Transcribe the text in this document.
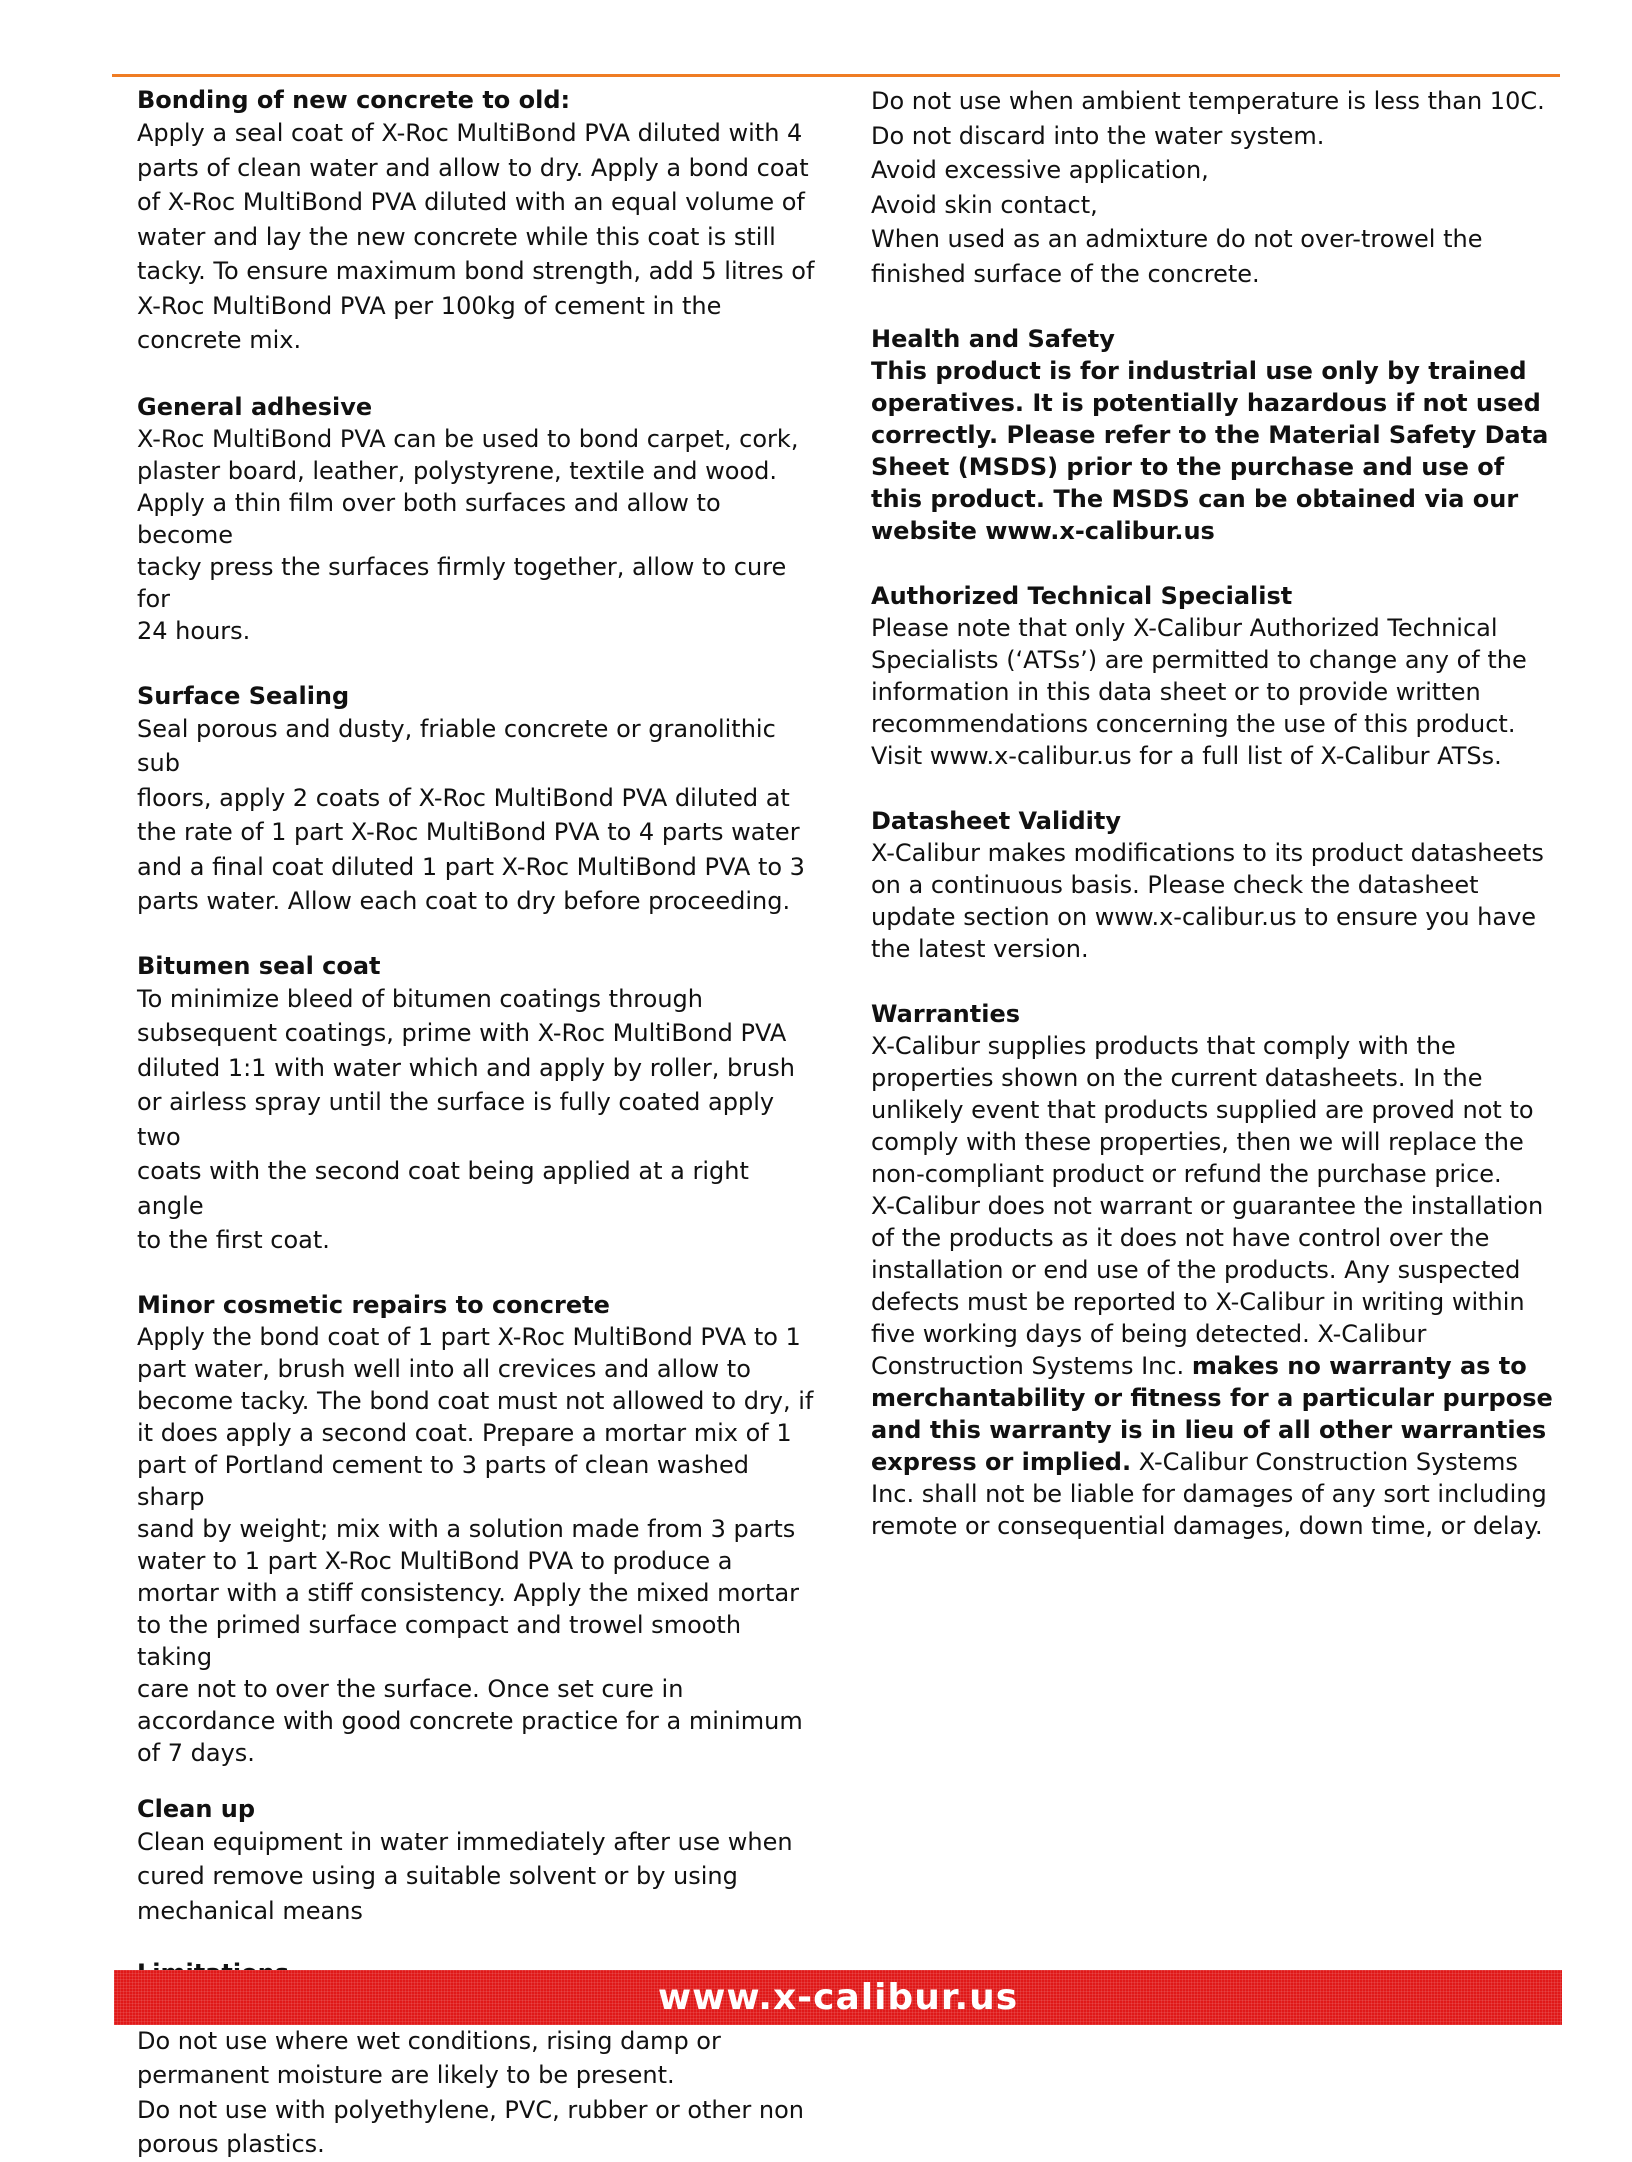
Bonding of new concrete to old:

Apply a seal coat of X-Roc MultiBond PVA diluted with 4
parts of clean water and allow to dry. Apply a bond coat
of X-Roc MultiBond PVA diluted with an equal volume of
water and lay the new concrete while this coat is still
tacky. To ensure maximum bond strength, add 5 litres of
X-Roc MultiBond PVA per 100kg of cement in the
concrete mix.

General adhesive

X-Roc MultiBond PVA can be used to bond carpet, cork,
plaster board, leather, polystyrene, textile and wood.
Apply a thin film over both surfaces and allow to become
tacky press the surfaces firmly together, allow to cure for
24 hours.

Surface Sealing

Seal porous and dusty, friable concrete or granolithic sub
floors, apply 2 coats of X-Roc MultiBond PVA diluted at
the rate of 1 part X-Roc MultiBond PVA to 4 parts water
and a final coat diluted 1 part X-Roc MultiBond PVA to 3
parts water. Allow each coat to dry before proceeding.

Bitumen seal coat

To minimize bleed of bitumen coatings through
subsequent coatings, prime with X-Roc MultiBond PVA
diluted 1:1 with water which and apply by roller, brush
or airless spray until the surface is fully coated apply two
coats with the second coat being applied at a right angle
to the first coat.

Minor cosmetic repairs to concrete

Apply the bond coat of 1 part X-Roc MultiBond PVA to 1
part water, brush well into all crevices and allow to
become tacky. The bond coat must not allowed to dry, if
it does apply a second coat. Prepare a mortar mix of 1
part of Portland cement to 3 parts of clean washed sharp
sand by weight; mix with a solution made from 3 parts
water to 1 part X-Roc MultiBond PVA to produce a
mortar with a stiff consistency. Apply the mixed mortar
to the primed surface compact and trowel smooth taking
care not to over the surface. Once set cure in
accordance with good concrete practice for a minimum
of 7 days.

Clean up

Clean equipment in water immediately after use when
cured remove using a suitable solvent or by using
mechanical means

Do not use where wet conditions, rising damp or
permanent moisture are likely to be present.
Do not use with polyethylene, PVC, rubber or other non
porous plastics.

Do not use when ambient temperature is less than 10C.
Do not discard into the water system.
Avoid excessive application,
Avoid skin contact,
When used as an admixture do not over-trowel the
finished surface of the concrete.

Health and Safety

This product is for industrial use only by trained
operatives. It is potentially hazardous if not used
correctly. Please refer to the Material Safety Data
Sheet (MSDS) prior to the purchase and use of
this product. The MSDS can be obtained via our
website www.x-calibur.us

Authorized Technical Specialist

Please note that only X-Calibur Authorized Technical
Specialists (‘ATSs’) are permitted to change any of the
information in this data sheet or to provide written
recommendations concerning the use of this product.
Visit www.x-calibur.us for a full list of X-Calibur ATSs.

Datasheet Validity

X-Calibur makes modifications to its product datasheets
on a continuous basis. Please check the datasheet
update section on www.x-calibur.us to ensure you have
the latest version.

Warranties

X-Calibur supplies products that comply with the
properties shown on the current datasheets. In the
unlikely event that products supplied are proved not to
comply with these properties, then we will replace the
non-compliant product or refund the purchase price.
X-Calibur does not warrant or guarantee the installation
of the products as it does not have control over the
installation or end use of the products. Any suspected
defects must be reported to X-Calibur in writing within
five working days of being detected. X-Calibur
Construction Systems Inc. makes no warranty as to
merchantability or fitness for a particular purpose
and this warranty is in lieu of all other warranties
express or implied. X-Calibur Construction Systems
Inc. shall not be liable for damages of any sort including
remote or consequential damages, down time, or delay.

www.x-calibur.us
